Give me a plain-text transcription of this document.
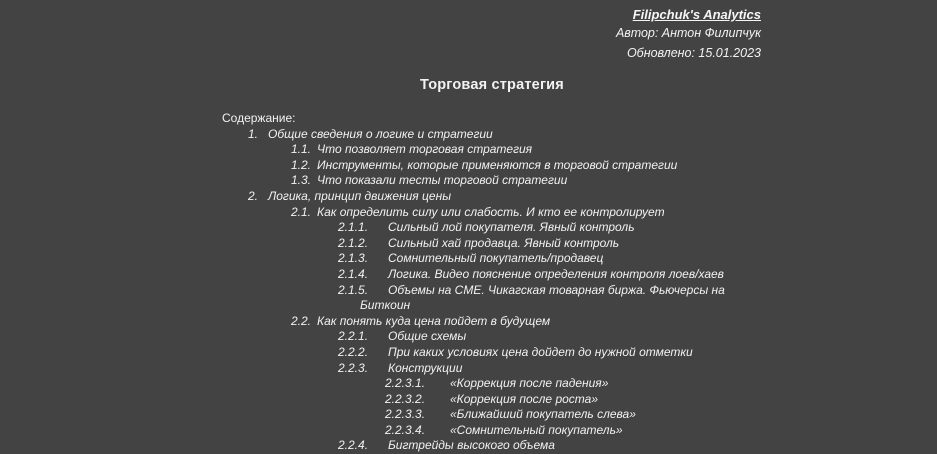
Filipchuk's Analytics
Автор: Антон Филипчук
Обновлено: 15.01.2023
Торговая стратегия
Содержание:
1. Общие сведения о логике и стратегии
1.1. Что позволяет торговая стратегия
1.2. Инструменты, которые применяются в торговой стратегии
1.3. Что показали тесты торговой стратегии
2. Логика, принцип движения цены
2.1. Как определить силу или слабость. И кто ее контролирует
2.1.1. Сильный лой покупателя. Явный контроль
2.1.2. Сильный хай продавца. Явный контроль
2.1.3. Сомнительный покупатель/продавец
2.1.4. Логика. Видео пояснение определения контроля лоев/хаев
2.1.5. Объемы на CME. Чикагская товарная биржа. Фьючерсы на
Биткоин
2.2. Как понять куда цена пойдет в будущем
2.2.1. Общие схемы
2.2.2. При каких условиях цена дойдет до нужной отметки
2.2.3. Конструкции
2.2.3.1. «Коррекция после падения»
2.2.3.2. «Коррекция после роста»
2.2.3.3. «Ближайший покупатель слева»
2.2.3.4. «Сомнительный покупатель»
2.2.4. Бигтрейды высокого объема
